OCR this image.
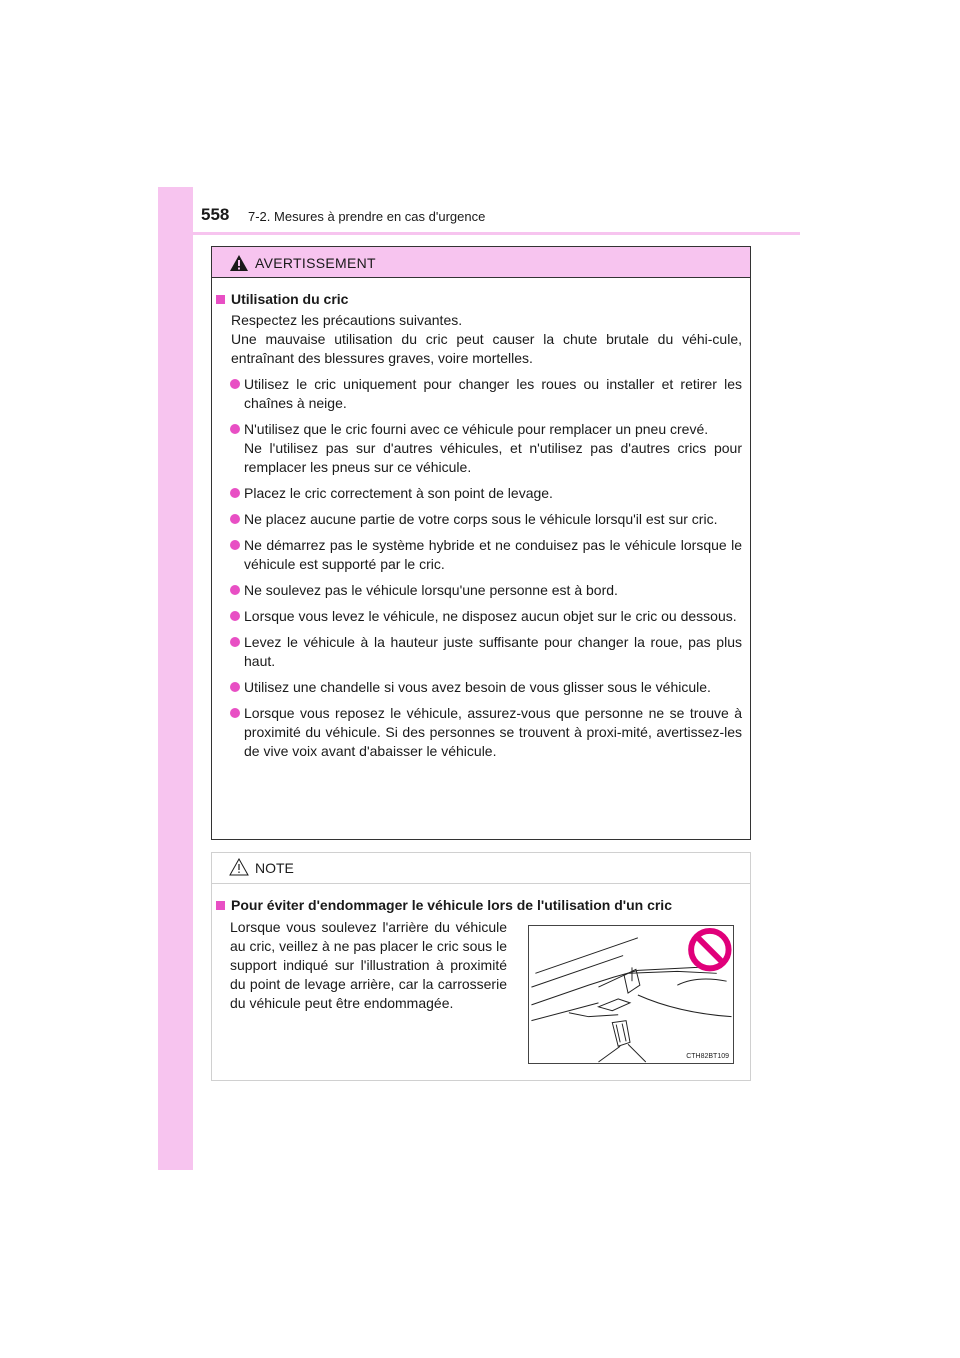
558 7-2. Mesures à prendre en cas d'urgence
AVERTISSEMENT
Utilisation du cric

Respectez les précautions suivantes.

Une mauvaise utilisation du cric peut causer la chute brutale du véhi-cule, entraînant des blessures graves, voire mortelles.

Utilisez le cric uniquement pour changer les roues ou installer et retirer les chaînes à neige.
N'utilisez que le cric fourni avec ce véhicule pour remplacer un pneu crevé.
Ne l'utilisez pas sur d'autres véhicules, et n'utilisez pas d'autres crics pour remplacer les pneus sur ce véhicule.
Placez le cric correctement à son point de levage.
Ne placez aucune partie de votre corps sous le véhicule lorsqu'il est sur cric.
Ne démarrez pas le système hybride et ne conduisez pas le véhicule lorsque le véhicule est supporté par le cric.
Ne soulevez pas le véhicule lorsqu'une personne est à bord.
Lorsque vous levez le véhicule, ne disposez aucun objet sur le cric ou dessous.
Levez le véhicule à la hauteur juste suffisante pour changer la roue, pas plus haut.
Utilisez une chandelle si vous avez besoin de vous glisser sous le véhicule.
Lorsque vous reposez le véhicule, assurez-vous que personne ne se trouve à proximité du véhicule. Si des personnes se trouvent à proxi-mité, avertissez-les de vive voix avant d'abaisser le véhicule.
NOTE
Pour éviter d'endommager le véhicule lors de l'utilisation d'un cric

Lorsque vous soulevez l'arrière du véhicule au cric, veillez à ne pas placer le cric sous le support indiqué sur l'illustration à proximité du point de levage arrière, car la carrosserie du véhicule peut être endommagée.

CTH82BT109
